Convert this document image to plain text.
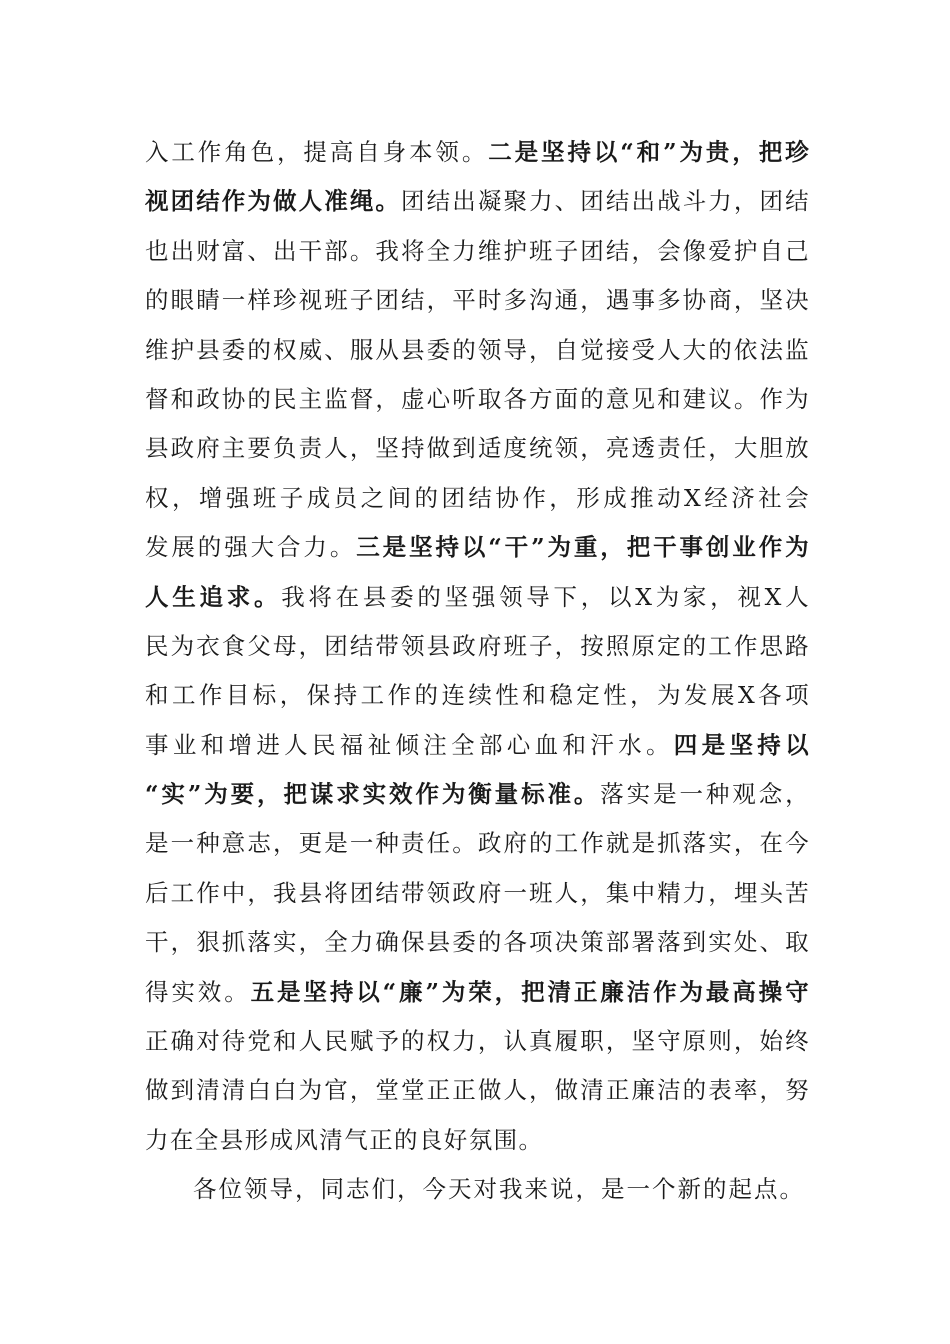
入工作角色，提高自身本领。二是坚持以“和”为贵，把珍
视团结作为做人准绳。团结出凝聚力、团结出战斗力，团结
也出财富、出干部。我将全力维护班子团结，会像爱护自己
的眼睛一样珍视班子团结，平时多沟通，遇事多协商，坚决
维护县委的权威、服从县委的领导，自觉接受人大的依法监
督和政协的民主监督，虚心听取各方面的意见和建议。作为
县政府主要负责人，坚持做到适度统领，亮透责任，大胆放
权，增强班子成员之间的团结协作，形成推动X经济社会
发展的强大合力。三是坚持以“干”为重，把干事创业作为
人生追求。我将在县委的坚强领导下，以X为家，视X人
民为衣食父母，团结带领县政府班子，按照原定的工作思路
和工作目标，保持工作的连续性和稳定性，为发展X各项
事业和增进人民福祉倾注全部心血和汗水。四是坚持以
“实”为要，把谋求实效作为衡量标准。落实是一种观念，
是一种意志，更是一种责任。政府的工作就是抓落实，在今
后工作中，我县将团结带领政府一班人，集中精力，埋头苦
干，狠抓落实，全力确保县委的各项决策部署落到实处、取
得实效。五是坚持以“廉”为荣，把清正廉洁作为最高操守
正确对待党和人民赋予的权力，认真履职，坚守原则，始终
做到清清白白为官，堂堂正正做人，做清正廉洁的表率，努
力在全县形成风清气正的良好氛围。
各位领导，同志们，今天对我来说，是一个新的起点。
